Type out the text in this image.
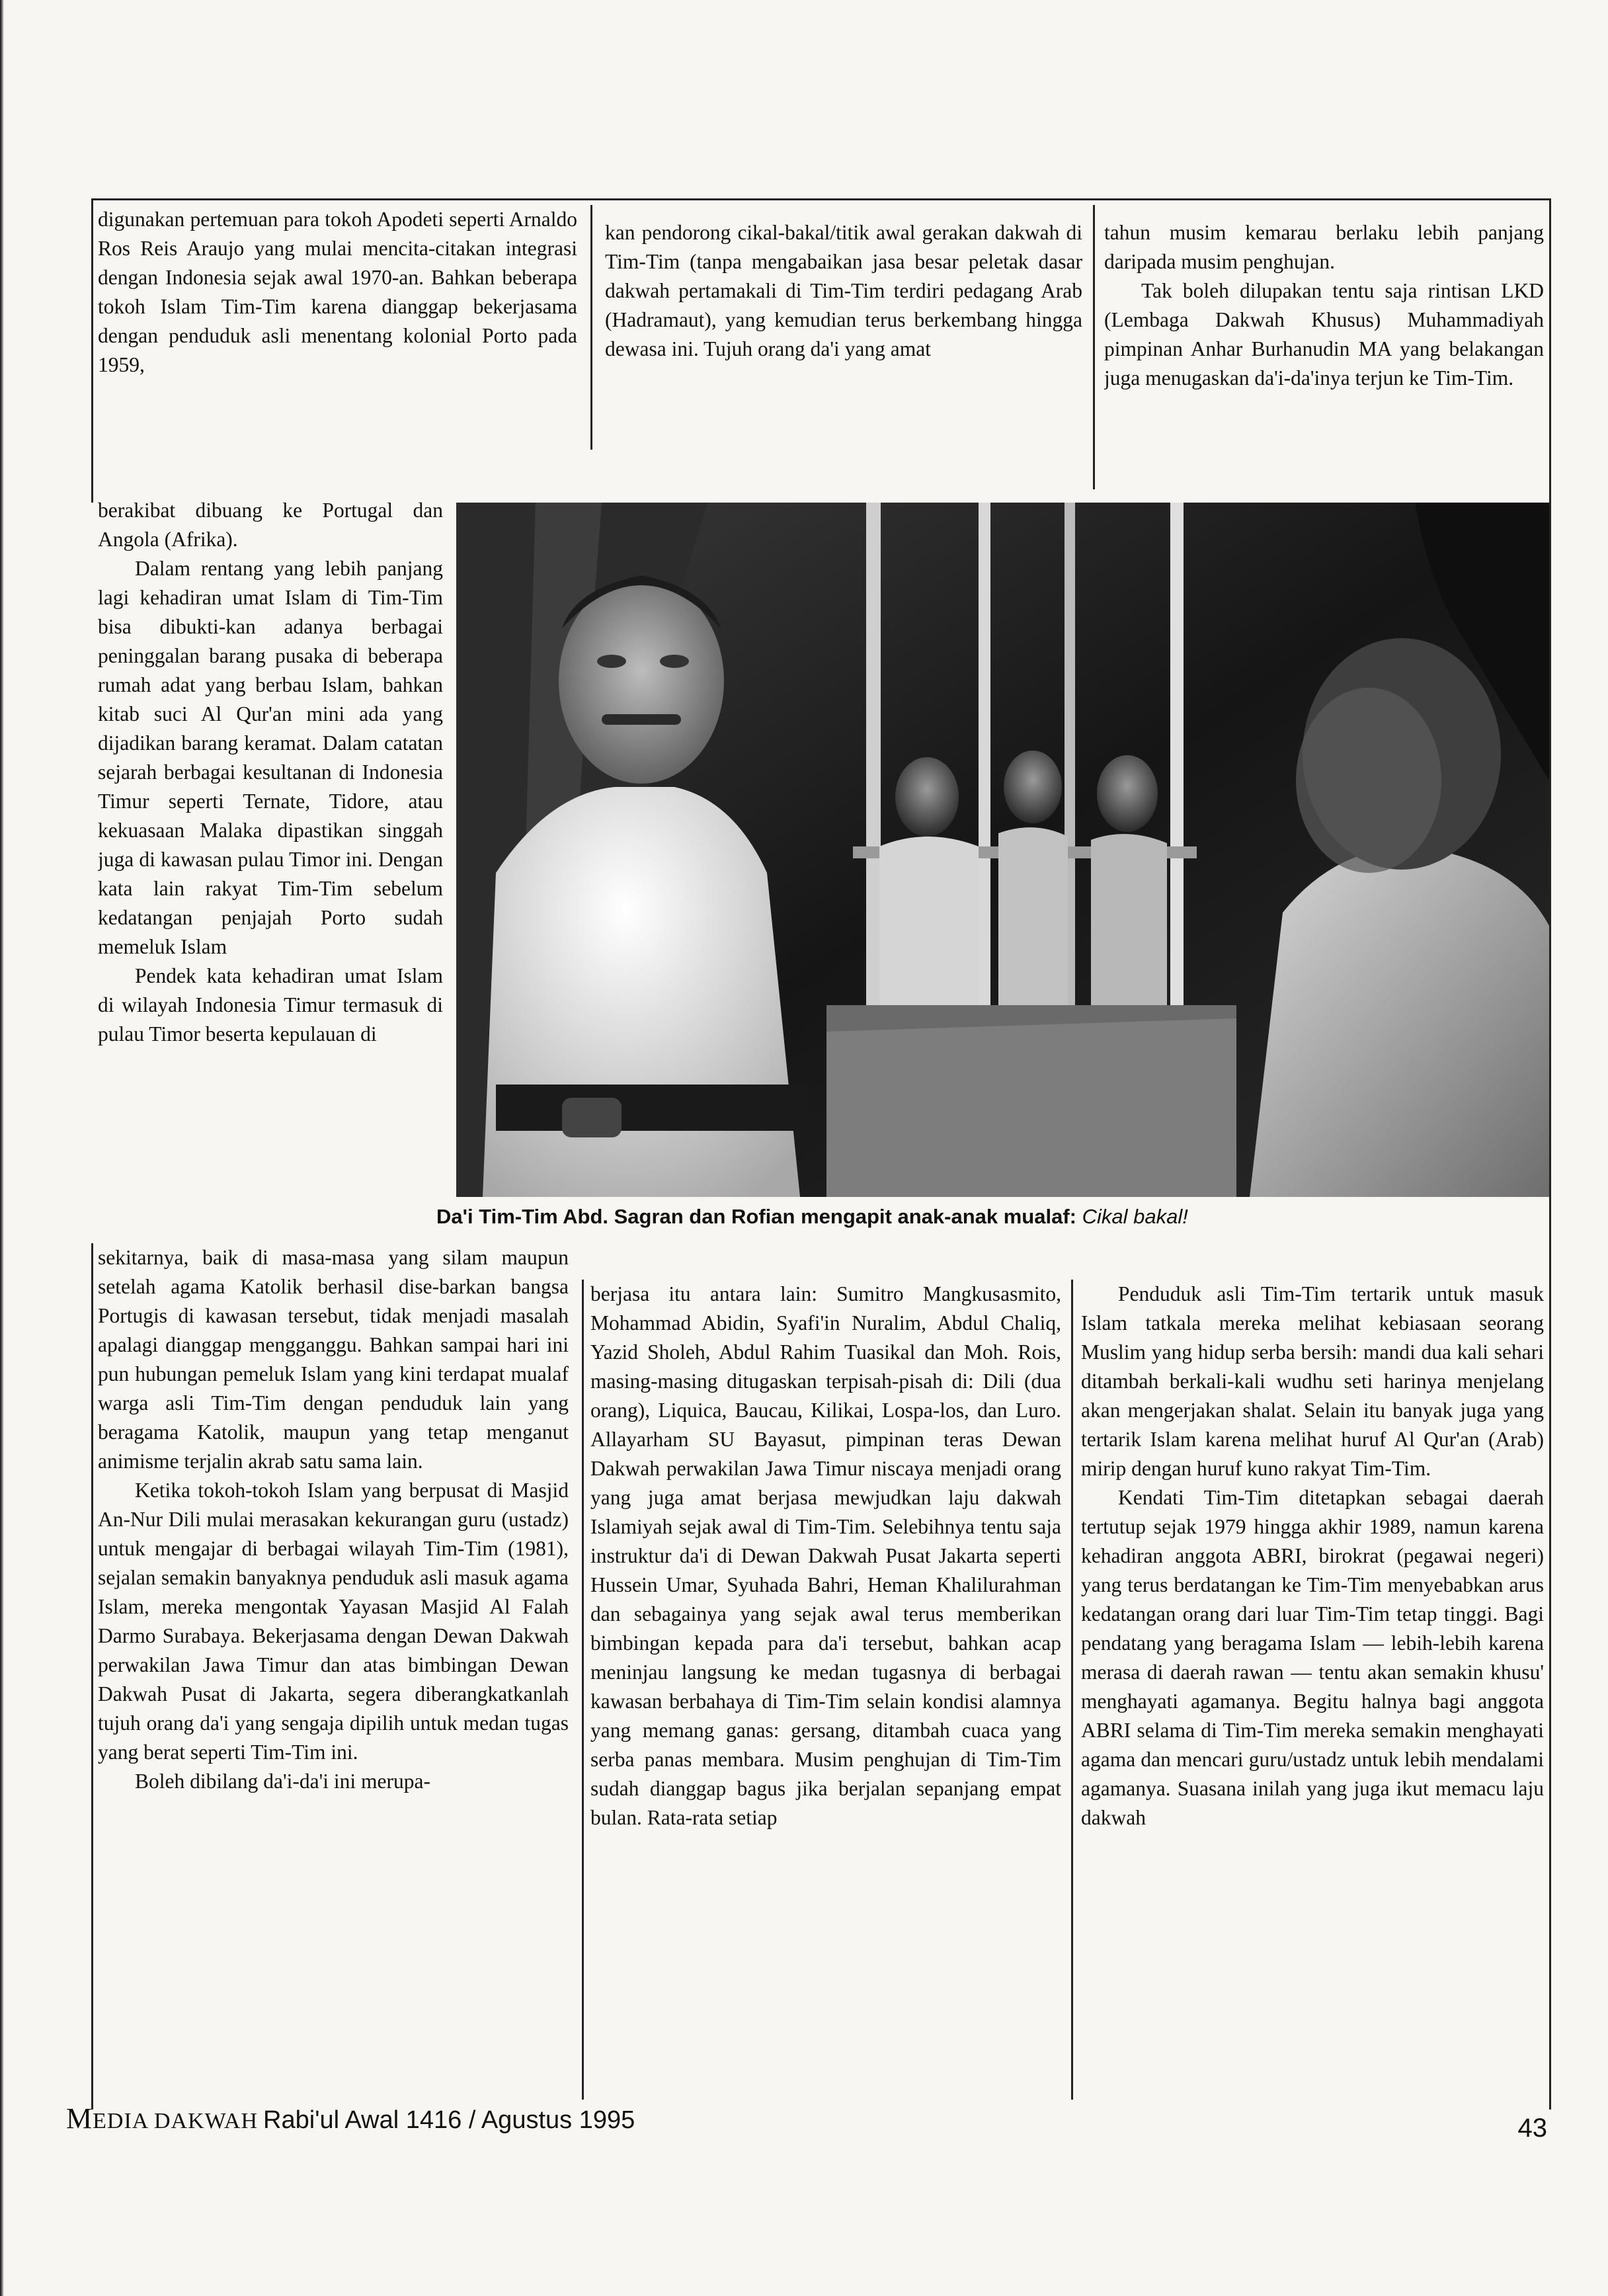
digunakan pertemuan para tokoh Apodeti seperti Arnaldo Ros Reis Araujo yang mulai mencita-citakan integrasi dengan Indonesia sejak awal 1970-an. Bahkan beberapa tokoh Islam Tim-Tim karena dianggap bekerjasama dengan penduduk asli menentang kolonial Porto pada 1959,

berakibat dibuang ke Portugal dan Angola (Afrika).

Dalam rentang yang lebih panjang lagi kehadiran umat Islam di Tim-Tim bisa dibukti-kan adanya berbagai peninggalan barang pusaka di beberapa rumah adat yang berbau Islam, bahkan kitab suci Al Qur'an mini ada yang dijadikan barang keramat. Dalam catatan sejarah berbagai kesultanan di Indonesia Timur seperti Ternate, Tidore, atau kekuasaan Malaka dipastikan singgah juga di kawasan pulau Timor ini. Dengan kata lain rakyat Tim-Tim sebelum kedatangan penjajah Porto sudah memeluk Islam

Pendek kata kehadiran umat Islam di wilayah Indonesia Timur termasuk di pulau Timor beserta kepulauan di

sekitarnya, baik di masa-masa yang silam maupun setelah agama Katolik berhasil dise-barkan bangsa Portugis di kawasan tersebut, tidak menjadi masalah apalagi dianggap mengganggu. Bahkan sampai hari ini pun hubungan pemeluk Islam yang kini terdapat mualaf warga asli Tim-Tim dengan penduduk lain yang beragama Katolik, maupun yang tetap menganut animisme terjalin akrab satu sama lain.

Ketika tokoh-tokoh Islam yang berpusat di Masjid An-Nur Dili mulai merasakan kekurangan guru (ustadz) untuk mengajar di berbagai wilayah Tim-Tim (1981), sejalan semakin banyaknya penduduk asli masuk agama Islam, mereka mengontak Yayasan Masjid Al Falah Darmo Surabaya. Bekerjasama dengan Dewan Dakwah perwakilan Jawa Timur dan atas bimbingan Dewan Dakwah Pusat di Jakarta, segera diberangkatkanlah tujuh orang da'i yang sengaja dipilih untuk medan tugas yang berat seperti Tim-Tim ini.

Boleh dibilang da'i-da'i ini merupa-

kan pendorong cikal-bakal/titik awal gerakan dakwah di Tim-Tim (tanpa mengabaikan jasa besar peletak dasar dakwah pertamakali di Tim-Tim terdiri pedagang Arab (Hadramaut), yang kemudian terus berkembang hingga dewasa ini. Tujuh orang da'i yang amat

berjasa itu antara lain: Sumitro Mangkusasmito, Mohammad Abidin, Syafi'in Nuralim, Abdul Chaliq, Yazid Sholeh, Abdul Rahim Tuasikal dan Moh. Rois, masing-masing ditugaskan terpisah-pisah di: Dili (dua orang), Liquica, Baucau, Kilikai, Lospa-los, dan Luro. Allayarham SU Bayasut, pimpinan teras Dewan Dakwah perwakilan Jawa Timur niscaya menjadi orang yang juga amat berjasa mewjudkan laju dakwah Islamiyah sejak awal di Tim-Tim. Selebihnya tentu saja instruktur da'i di Dewan Dakwah Pusat Jakarta seperti Hussein Umar, Syuhada Bahri, Heman Khalilurahman dan sebagainya yang sejak awal terus memberikan bimbingan kepada para da'i tersebut, bahkan acap meninjau langsung ke medan tugasnya di berbagai kawasan berbahaya di Tim-Tim selain kondisi alamnya yang memang ganas: gersang, ditambah cuaca yang serba panas membara. Musim penghujan di Tim-Tim sudah dianggap bagus jika berjalan sepanjang empat bulan. Rata-rata setiap

tahun musim kemarau berlaku lebih panjang daripada musim penghujan.

Tak boleh dilupakan tentu saja rintisan LKD (Lembaga Dakwah Khusus) Muhammadiyah pimpinan Anhar Burhanudin MA yang belakangan juga menugaskan da'i-da'inya terjun ke Tim-Tim.

Penduduk asli Tim-Tim tertarik untuk masuk Islam tatkala mereka melihat kebiasaan seorang Muslim yang hidup serba bersih: mandi dua kali sehari ditambah berkali-kali wudhu seti harinya menjelang akan mengerjakan shalat. Selain itu banyak juga yang tertarik Islam karena melihat huruf Al Qur'an (Arab) mirip dengan huruf kuno rakyat Tim-Tim.

Kendati Tim-Tim ditetapkan sebagai daerah tertutup sejak 1979 hingga akhir 1989, namun karena kehadiran anggota ABRI, birokrat (pegawai negeri) yang terus berdatangan ke Tim-Tim menyebabkan arus kedatangan orang dari luar Tim-Tim tetap tinggi. Bagi pendatang yang beragama Islam — lebih-lebih karena merasa di daerah rawan — tentu akan semakin khusu' menghayati agamanya. Begitu halnya bagi anggota ABRI selama di Tim-Tim mereka semakin menghayati agama dan mencari guru/ustadz untuk lebih mendalami agamanya. Suasana inilah yang juga ikut memacu laju dakwah

Da'i Tim-Tim Abd. Sagran dan Rofian mengapit anak-anak mualaf: Cikal bakal!
MEDIA DAKWAH Rabi'ul Awal 1416 / Agustus 1995	43
